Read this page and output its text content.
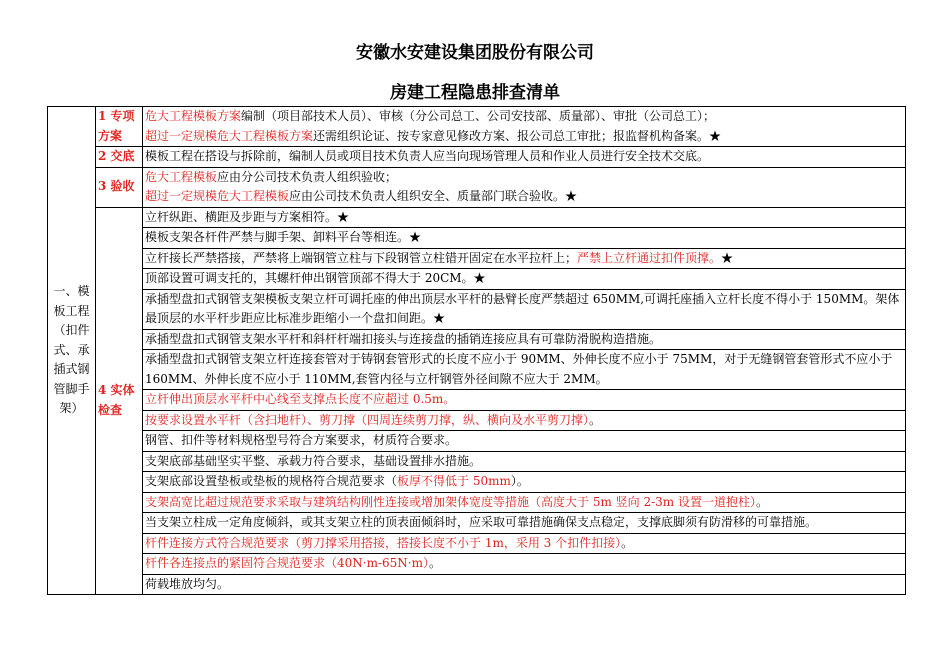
安徽水安建设集团股份有限公司
房建工程隐患排查清单
一、模板工程（扣件式、承插式钢管脚手架）	1 专项方案	危大工程模板方案编制（项目部技术人员）、审核（分公司总工、公司安技部、质量部）、审批（公司总工）；
超过一定规模危大工程模板方案还需组织论证、按专家意见修改方案、报公司总工审批；报监督机构备案。★

	2 交底	模板工程在搭设与拆除前，编制人员或项目技术负责人应当向现场管理人员和作业人员进行安全技术交底。

	3 验收	危大工程模板应由分公司技术负责人组织验收；
超过一定规模危大工程模板应由公司技术负责人组织安全、质量部门联合验收。★

	4 实体检查	立杆纵距、横距及步距与方案相符。★
		模板支架各杆件严禁与脚手架、卸料平台等相连。★
		立杆接长严禁搭接，严禁将上端钢管立柱与下段钢管立柱错开固定在水平拉杆上；严禁上立杆通过扣件顶撑。★
		顶部设置可调支托的，其螺杆伸出钢管顶部不得大于 20CM。★
		承插型盘扣式钢管支架模板支架立杆可调托座的伸出顶层水平杆的悬臂长度严禁超过 650MM,可调托座插入立杆长度不得小于 150MM。架体最顶层的水平杆步距应比标准步距缩小一个盘扣间距。★
		承插型盘扣式钢管支架水平杆和斜杆杆端扣接头与连接盘的插销连接应具有可靠防滑脱构造措施。
		承插型盘扣式钢管支架立杆连接套管对于铸钢套管形式的长度不应小于 90MM、外伸长度不应小于 75MM，对于无缝钢管套管形式不应小于 160MM、外伸长度不应小于 110MM,套管内径与立杆钢管外径间隙不应大于 2MM。
		立杆伸出顶层水平杆中心线至支撑点长度不应超过 0.5m。
		按要求设置水平杆（含扫地杆）、剪刀撑（四周连续剪刀撑，纵、横向及水平剪刀撑）。
		钢管、扣件等材料规格型号符合方案要求，材质符合要求。
		支架底部基础坚实平整、承载力符合要求，基础设置排水措施。
		支架底部设置垫板或垫板的规格符合规范要求（板厚不得低于 50mm）。
		支架高宽比超过规范要求采取与建筑结构刚性连接或增加架体宽度等措施（高度大于 5m 竖向 2-3m 设置一道抱柱）。
		当支架立柱成一定角度倾斜，或其支架立柱的顶表面倾斜时，应采取可靠措施确保支点稳定，支撑底脚须有防滑移的可靠措施。
		杆件连接方式符合规范要求（剪刀撑采用搭接，搭接长度不小于 1m，采用 3 个扣件扣接）。
		杆件各连接点的紧固符合规范要求（40N·m-65N·m）。
		荷载堆放均匀。
